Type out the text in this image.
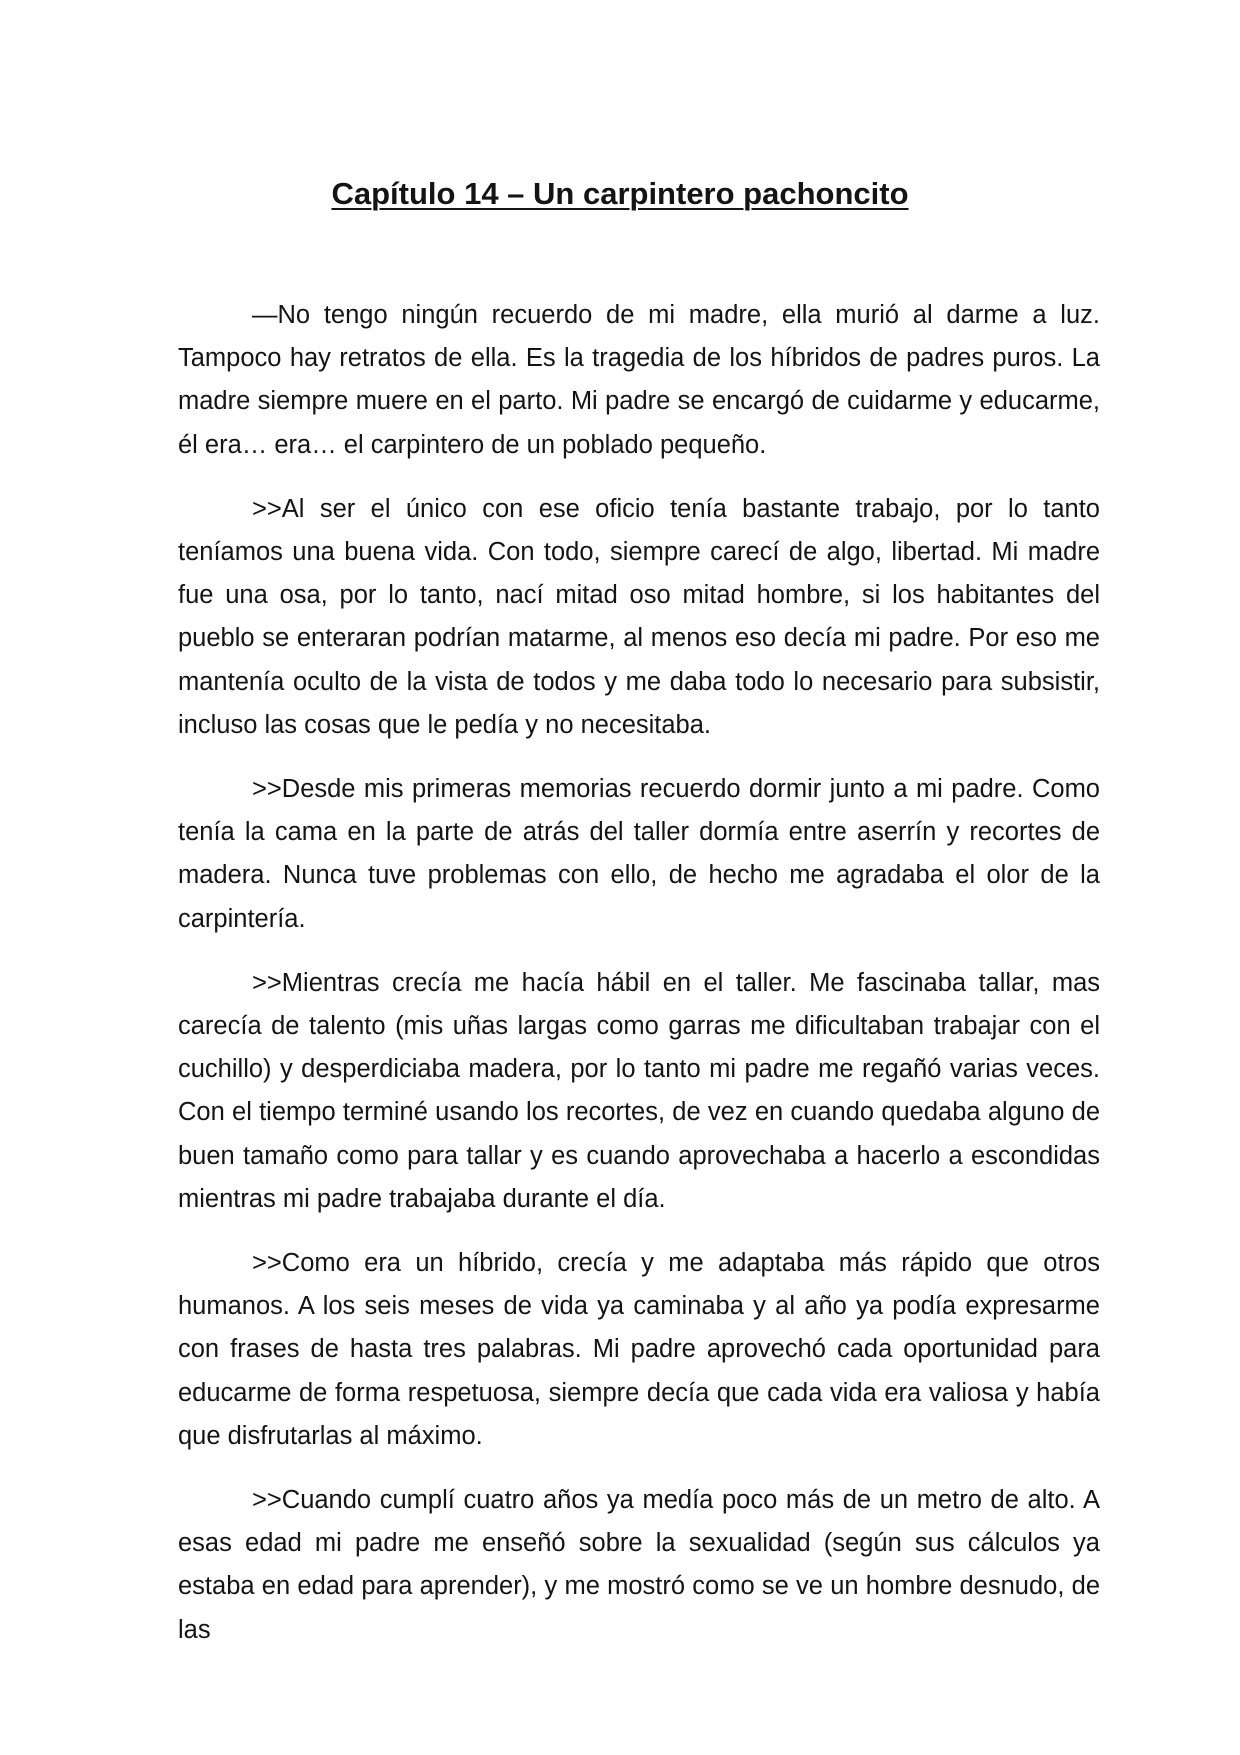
Capítulo 14 – Un carpintero pachoncito

—No tengo ningún recuerdo de mi madre, ella murió al darme a luz. Tampoco hay retratos de ella. Es la tragedia de los híbridos de padres puros. La madre siempre muere en el parto. Mi padre se encargó de cuidarme y educarme, él era… era… el carpintero de un poblado pequeño.

>>Al ser el único con ese oficio tenía bastante trabajo, por lo tanto teníamos una buena vida. Con todo, siempre carecí de algo, libertad. Mi madre fue una osa, por lo tanto, nací mitad oso mitad hombre, si los habitantes del pueblo se enteraran podrían matarme, al menos eso decía mi padre. Por eso me mantenía oculto de la vista de todos y me daba todo lo necesario para subsistir, incluso las cosas que le pedía y no necesitaba.

>>Desde mis primeras memorias recuerdo dormir junto a mi padre. Como tenía la cama en la parte de atrás del taller dormía entre aserrín y recortes de madera. Nunca tuve problemas con ello, de hecho me agradaba el olor de la carpintería.

>>Mientras crecía me hacía hábil en el taller. Me fascinaba tallar, mas carecía de talento (mis uñas largas como garras me dificultaban trabajar con el cuchillo) y desperdiciaba madera, por lo tanto mi padre me regañó varias veces. Con el tiempo terminé usando los recortes, de vez en cuando quedaba alguno de buen tamaño como para tallar y es cuando aprovechaba a hacerlo a escondidas mientras mi padre trabajaba durante el día.

>>Como era un híbrido, crecía y me adaptaba más rápido que otros humanos. A los seis meses de vida ya caminaba y al año ya podía expresarme con frases de hasta tres palabras. Mi padre aprovechó cada oportunidad para educarme de forma respetuosa, siempre decía que cada vida era valiosa y había que disfrutarlas al máximo.

>>Cuando cumplí cuatro años ya medía poco más de un metro de alto. A esas edad mi padre me enseñó sobre la sexualidad (según sus cálculos ya estaba en edad para aprender), y me mostró como se ve un hombre desnudo, de las
